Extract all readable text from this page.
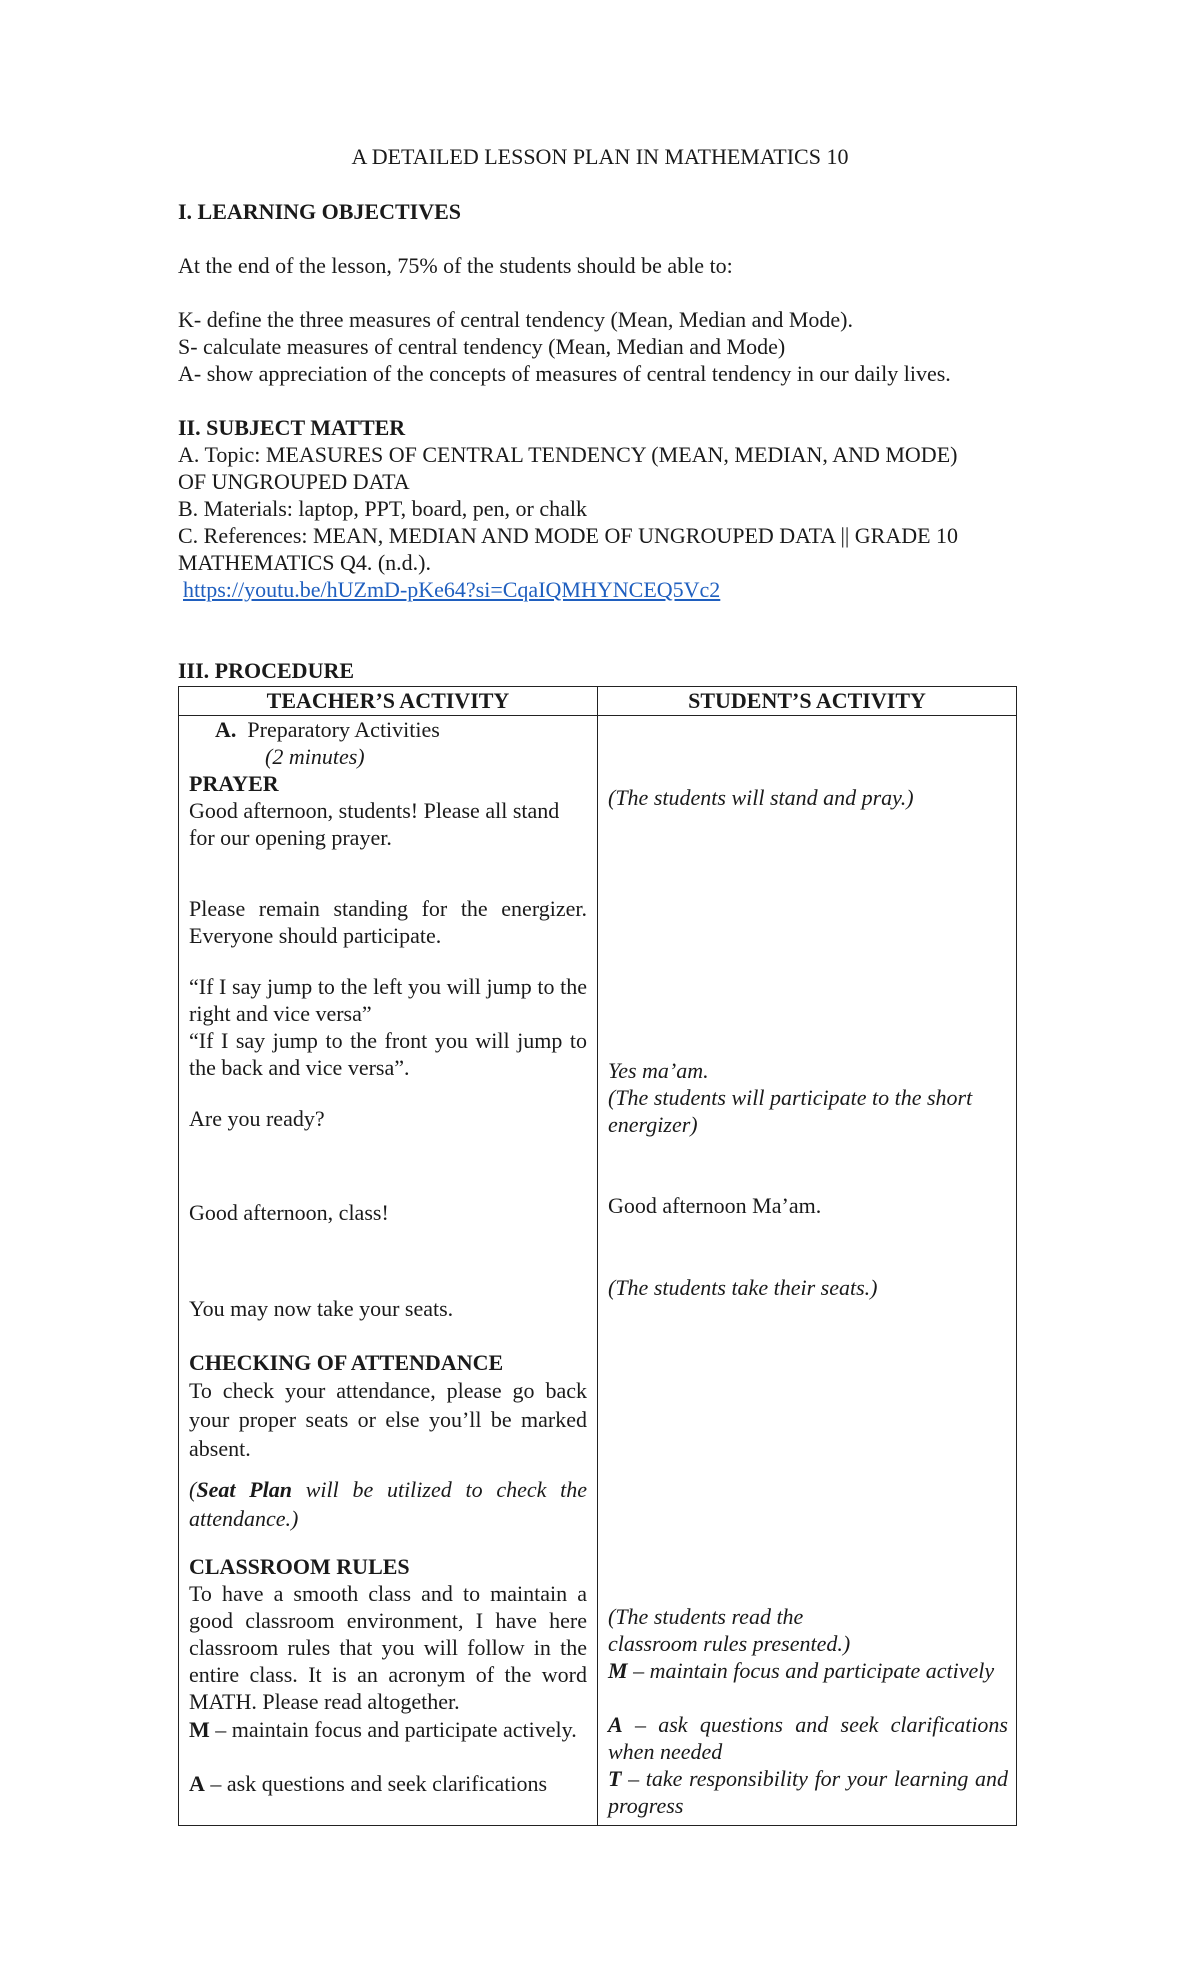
A DETAILED LESSON PLAN IN MATHEMATICS 10
I. LEARNING OBJECTIVES

At the end of the lesson, 75% of the students should be able to:

K- define the three measures of central tendency (Mean, Median and Mode).

S- calculate measures of central tendency (Mean, Median and Mode)

A- show appreciation of the concepts of measures of central tendency in our daily lives.

II. SUBJECT MATTER

A. Topic: MEASURES OF CENTRAL TENDENCY (MEAN, MEDIAN, AND MODE)

OF UNGROUPED DATA

B. Materials: laptop, PPT, board, pen, or chalk

C. References: MEAN, MEDIAN AND MODE OF UNGROUPED DATA || GRADE 10

MATHEMATICS Q4. (n.d.).

https://youtu.be/hUZmD-pKe64?si=CqaIQMHYNCEQ5Vc2

III. PROCEDURE

TEACHER’S ACTIVITY	STUDENT’S ACTIVITY
A. Preparatory Activities
(2 minutes)
PRAYER
Good afternoon, students! Please all stand for our opening prayer.
Please remain standing for the energizer. Everyone should participate.
“If I say jump to the left you will jump to the right and vice versa”
“If I say jump to the front you will jump to the back and vice versa”.
Are you ready?
Good afternoon, class!
You may now take your seats.
CHECKING OF ATTENDANCE
To check your attendance, please go back your proper seats or else you’ll be marked absent.
(Seat Plan will be utilized to check the attendance.)
CLASSROOM RULES
To have a smooth class and to maintain a good classroom environment, I have here classroom rules that you will follow in the entire class. It is an acronym of the word MATH. Please read altogether.
M – maintain focus and participate actively.
A – ask questions and seek clarifications
(The students will stand and pray.)
Yes ma’am.
(The students will participate to the short energizer)
Good afternoon Ma’am.
(The students take their seats.)
(The students read the classroom rules presented.)
M – maintain focus and participate actively
A – ask questions and seek clarifications when needed
T – take responsibility for your learning and progress
